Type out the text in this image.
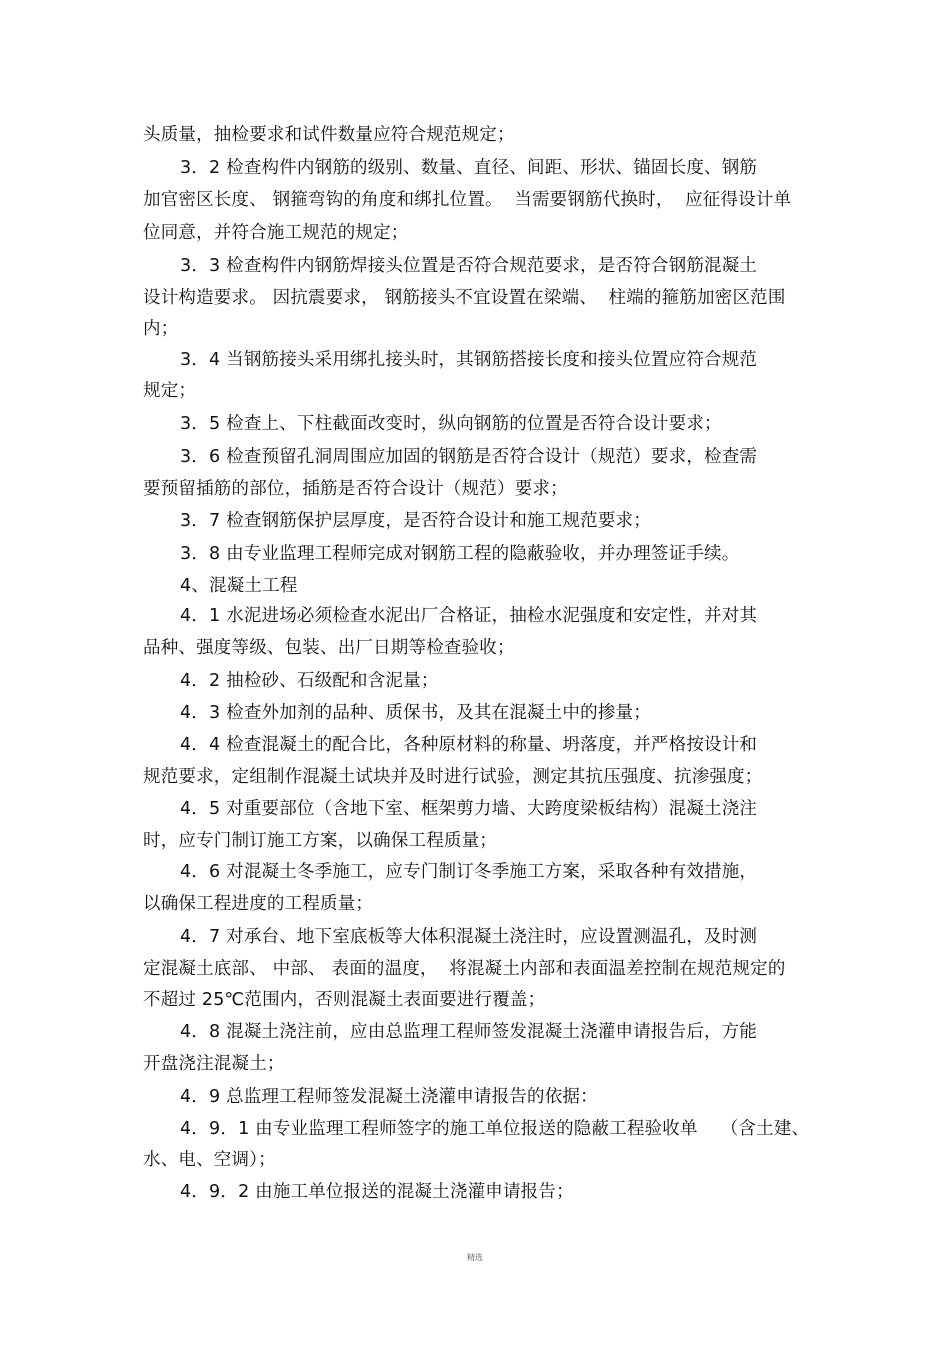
头质量，抽检要求和试件数量应符合规范规定；
3．2 检查构件内钢筋的级别、数量、直径、间距、形状、锚固长度、钢筋
加官密区长度、 钢箍弯钩的角度和绑扎位置。  当需要钢筋代换时，  应征得设计单
位同意，并符合施工规范的规定；
3．3 检查构件内钢筋焊接头位置是否符合规范要求，是否符合钢筋混凝土
设计构造要求。 因抗震要求， 钢筋接头不宜设置在梁端、  柱端的箍筋加密区范围
内；
3．4 当钢筋接头采用绑扎接头时，其钢筋搭接长度和接头位置应符合规范
规定；
3．5 检查上、下柱截面改变时，纵向钢筋的位置是否符合设计要求；
3．6 检查预留孔洞周围应加固的钢筋是否符合设计（规范）要求，检查需
要预留插筋的部位，插筋是否符合设计（规范）要求；
3．7 检查钢筋保护层厚度，是否符合设计和施工规范要求；
3．8 由专业监理工程师完成对钢筋工程的隐蔽验收，并办理签证手续。
4、混凝土工程
4．1 水泥进场必须检查水泥出厂合格证，抽检水泥强度和安定性，并对其
品种、强度等级、包装、出厂日期等检查验收；
4．2 抽检砂、石级配和含泥量；
4．3 检查外加剂的品种、质保书，及其在混凝土中的掺量；
4．4 检查混凝土的配合比，各种原材料的称量、坍落度，并严格按设计和
规范要求，定组制作混凝土试块并及时进行试验，测定其抗压强度、抗渗强度；
4．5 对重要部位（含地下室、框架剪力墙、大跨度梁板结构）混凝土浇注
时，应专门制订施工方案，以确保工程质量；
4．6 对混凝土冬季施工，应专门制订冬季施工方案，采取各种有效措施，
以确保工程进度的工程质量；
4．7 对承台、地下室底板等大体积混凝土浇注时，应设置测温孔，及时测
定混凝土底部、 中部、 表面的温度，  将混凝土内部和表面温差控制在规范规定的
不超过 25℃范围内，否则混凝土表面要进行覆盖；
4．8 混凝土浇注前，应由总监理工程师签发混凝土浇灌申请报告后，方能
开盘浇注混凝土；
4．9 总监理工程师签发混凝土浇灌申请报告的依据：
4．9．1 由专业监理工程师签字的施工单位报送的隐蔽工程验收单    （含土建、
水、电、空调）；
4．9．2 由施工单位报送的混凝土浇灌申请报告；
精选
